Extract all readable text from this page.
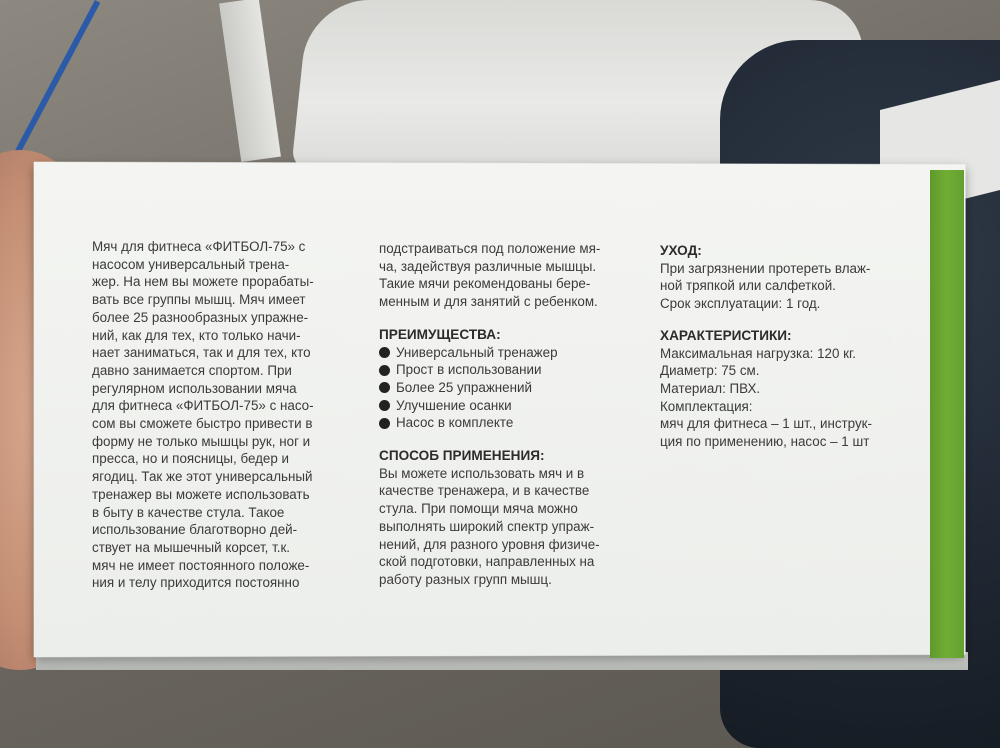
Мяч для фитнеса «ФИТБОЛ-75» с
насосом универсальный трена-
жер. На нем вы можете прорабаты-
вать все группы мышц. Мяч имеет
более 25 разнообразных упражне-
ний, как для тех, кто только начи-
нает заниматься, так и для тех, кто
давно занимается спортом. При
регулярном использовании мяча
для фитнеса «ФИТБОЛ-75» с насо-
сом вы сможете быстро привести в
форму не только мышцы рук, ног и
пресса, но и поясницы, бедер и
ягодиц. Так же этот универсальный
тренажер вы можете использовать
в быту в качестве стула. Такое
использование благотворно дей-
ствует на мышечный корсет, т.к.
мяч не имеет постоянного положе-
ния и телу приходится постоянно
подстраиваться под положение мя-
ча, задействуя различные мышцы.
Такие мячи рекомендованы бере-
менным и для занятий с ребенком.

ПРЕИМУЩЕСТВА:

Универсальный тренажер
Прост в использовании
Более 25 упражнений
Улучшение осанки
Насос в комплекте

СПОСОБ ПРИМЕНЕНИЯ:

Вы можете использовать мяч и в
качестве тренажера, и в качестве
стула. При помощи мяча можно
выполнять широкий спектр упраж-
нений, для разного уровня физиче-
ской подготовки, направленных на
работу разных групп мышц.

УХОД:

При загрязнении протереть влаж-
ной тряпкой или салфеткой.
Срок эксплуатации: 1 год.

ХАРАКТЕРИСТИКИ:

Максимальная нагрузка: 120 кг.
Диаметр: 75 см.
Материал: ПВХ.
Комплектация:
мяч для фитнеса – 1 шт., инструк-
ция по применению, насос – 1 шт
